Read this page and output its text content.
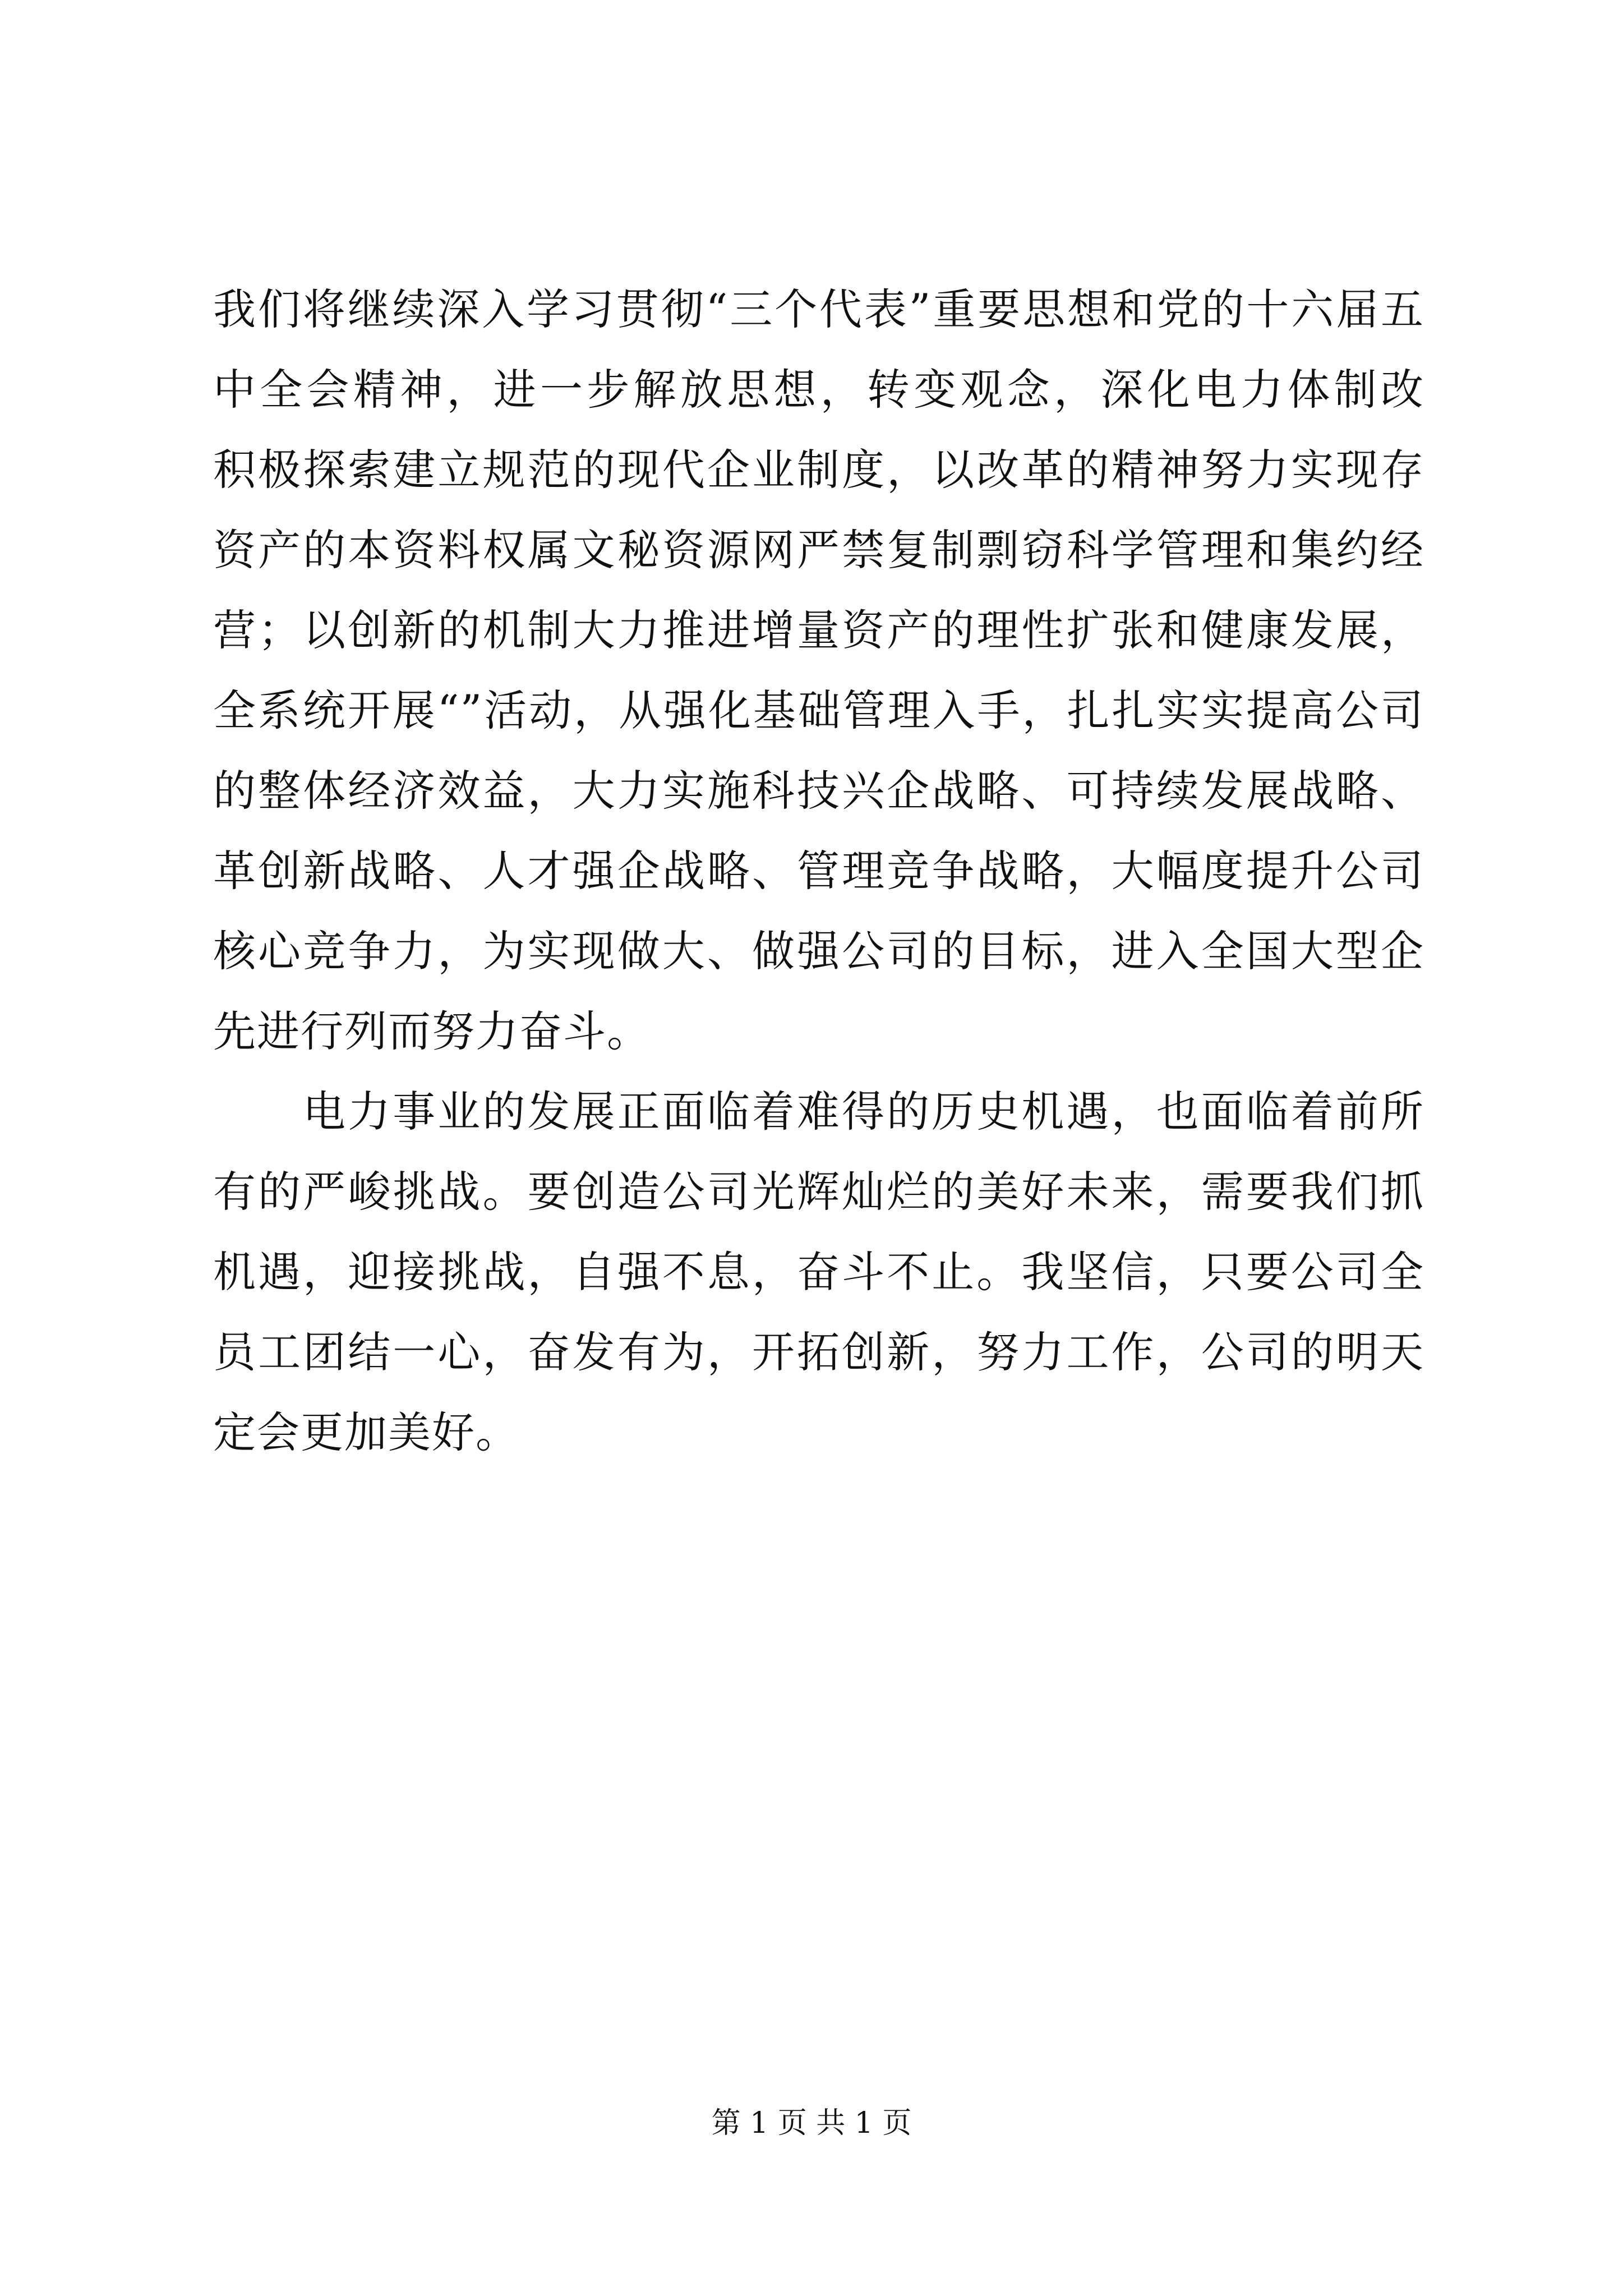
我们将继续深入学习贯彻“三个代表”重要思想和党的十六届五
中全会精神，进一步解放思想，转变观念，深化电力体制改
积极探索建立规范的现代企业制度，以改革的精神努力实现存
资产的本资料权属文秘资源网严禁复制剽窃科学管理和集约经
营；以创新的机制大力推进增量资产的理性扩张和健康发展，
全系统开展“”活动，从强化基础管理入手，扎扎实实提高公司
的整体经济效益，大力实施科技兴企战略、可持续发展战略、
革创新战略、人才强企战略、管理竞争战略，大幅度提升公司
核心竞争力，为实现做大、做强公司的目标，进入全国大型企
先进行列而努力奋斗。
电力事业的发展正面临着难得的历史机遇，也面临着前所
有的严峻挑战。要创造公司光辉灿烂的美好未来，需要我们抓
机遇，迎接挑战，自强不息，奋斗不止。我坚信，只要公司全
员工团结一心，奋发有为，开拓创新，努力工作，公司的明天
定会更加美好。
第 1 页 共 1 页
